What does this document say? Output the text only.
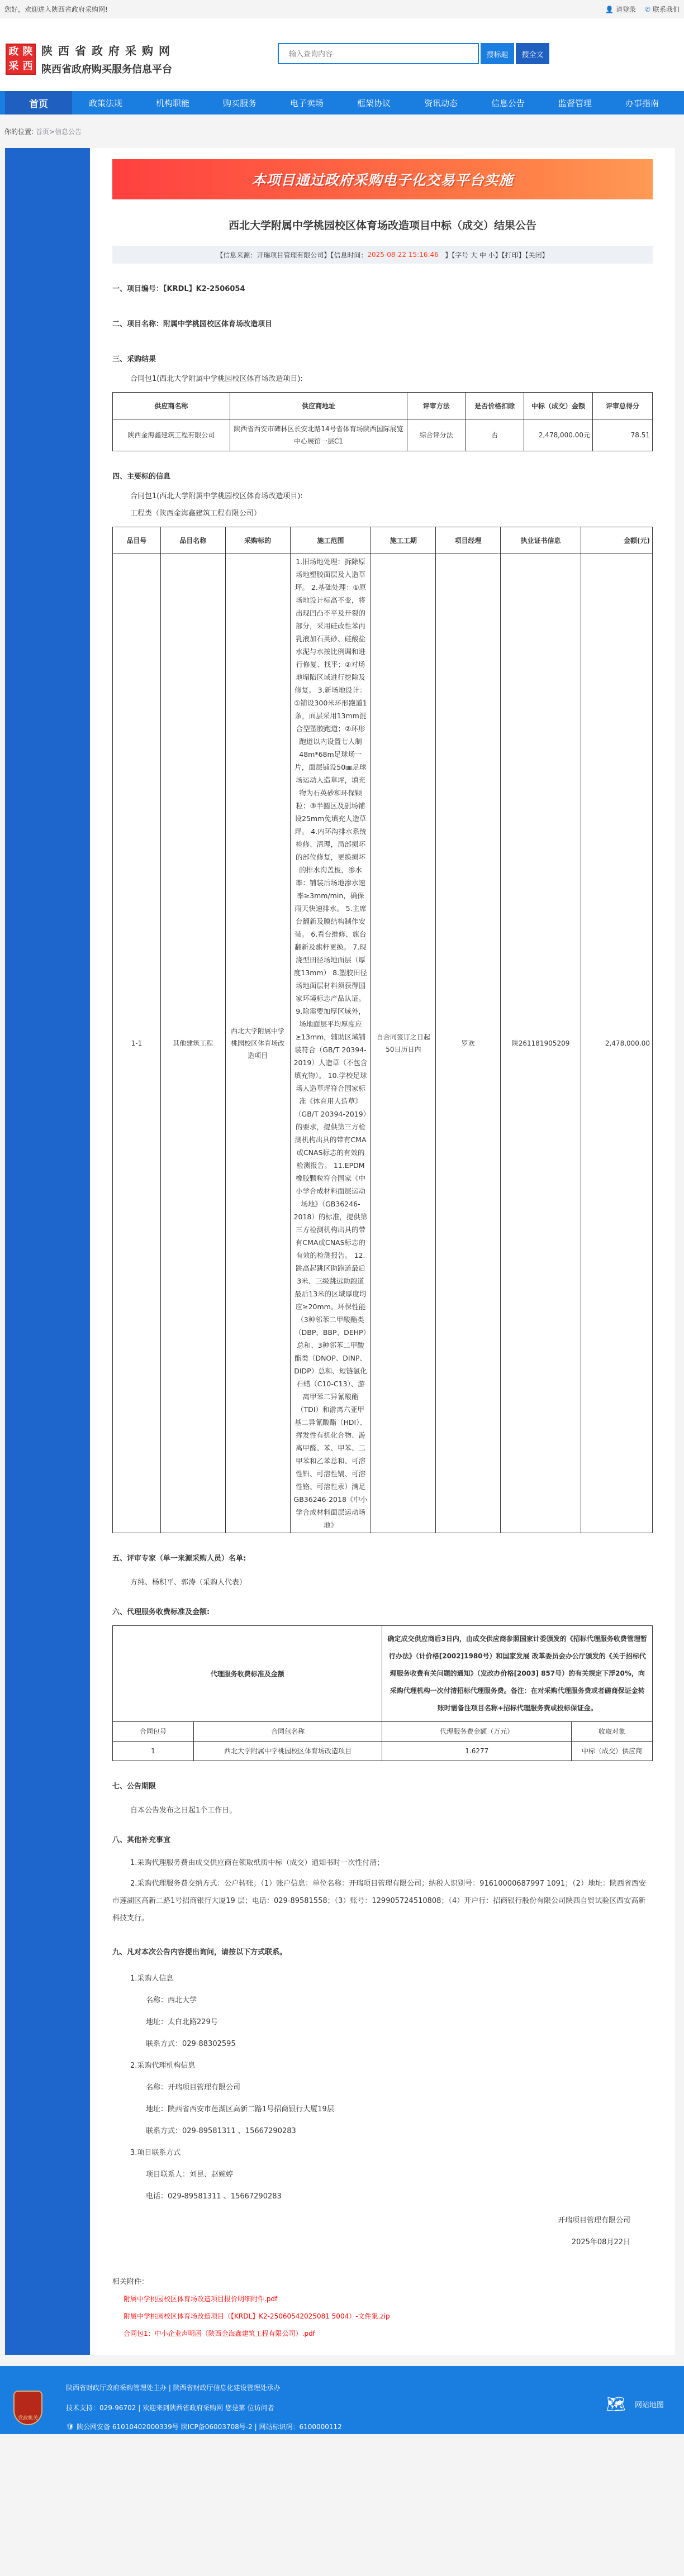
您好，欢迎进入陕西省政府采购网!	👤 请登录 ✆ 联系我们
政 陕
采 西
陕西省政府采购网
陕西省政府购买服务信息平台
输入查询内容
搜标题	搜全文
首页	政策法规	机构职能	购买服务	电子卖场	框架协议	资讯动态	信息公告	监督管理	办事指南
你的位置:
首页 >信息公告
本项目通过政府采购电子化交易平台实施
西北大学附属中学桃园校区体育场改造项目中标（成交）结果公告
【信息来源：开瑞项目管理有限公司】【信息时间： 2025-08-22 15:16:46
】【字号 大 中 小】【打印】【关闭】
一、项目编号：【KRDL】K2-2506054
二、项目名称：附属中学桃园校区体育场改造项目
三、采购结果
合同包1(西北大学附属中学桃园校区体育场改造项目):
供应商名称	供应商地址	评审方法	是否价格扣除	中标（成交）金额	评审总得分
陕西金海鑫建筑工程有限公司	陕西省西安市碑林区长安北路14号省体育场陕西国际展览中心展馆一层C1	综合评分法	否	2,478,000.00元	78.51
四、主要标的信息
合同包1(西北大学附属中学桃园校区体育场改造项目):
工程类（陕西金海鑫建筑工程有限公司）
品目号	品目名称	采购标的	施工范围	施工工期	项目经理	执业证书信息	金额(元)
1-1	其他建筑工程	西北大学附属中学桃园校区体育场改造项目	1.旧场地处理：拆除原场地塑胶面层及人造草坪。 2.基础处理：①原场地设计标高不变，将出现凹凸不平及开裂的部分，采用硅改性苯丙乳液加石英砂、硅酸盐水泥与水按比例调和进行修复、找平；②对场地塌陷区域进行挖除及修复。 3.新场地设计：①铺设300米环形跑道1条，面层采用13mm混合型塑胶跑道；②环形跑道以内设置七人制48m*68m足球场一片，面层铺设50㎜足球场运动人造草坪，填充物为石英砂和环保颗粒；③半圆区及副场铺设25mm免填充人造草坪。 4.内环沟排水系统检修、清理，局部损坏的部位修复，更换损坏的排水沟盖板，渗水率：铺装后场地渗水速率≥3mm/min，确保雨天快速排水。 5.主席台翻新及膜结构制作安装。 6.看台维修、旗台翻新及旗杆更换。 7.现浇型田径场地面层（厚度13mm） 8.塑胶田径场地面层材料须获得国家环境标志产品认证。 9.除需要加厚区域外，场地面层平均厚度应≥13mm，辅助区域铺装符合（GB/T 20394-2019）人造草（不包含填充物）。 10.学校足球场人造草坪符合国家标准《体育用人造草》（GB/T 20394-2019）的要求，提供第三方检测机构出具的带有CMA或CNAS标志的有效的检测报告。 11.EPDM橡胶颗粒符合国家《中小学合成材料面层运动场地》（GB36246-2018）的标准，提供第三方检测机构出具的带有CMA或CNAS标志的有效的检测报告。 12.跳高起跳区助跑道最后3米、三级跳远助跑道最后13米的区域厚度均应≥20mm。环保性能（3种邻苯二甲酸酯类（DBP、BBP、DEHP）总和、3种邻苯二甲酸酯类（DNOP、DINP、DIDP）总和、短链氯化石蜡（C10-C13）、游离甲苯二异氰酸酯（TDI）和游离六亚甲基二异氰酸酯（HDI）、挥发性有机化合物、游离甲醛、苯、甲苯、二甲苯和乙苯总和、可溶性铅、可溶性镉、可溶性铬、可溶性汞）满足GB36246-2018《中小学合成材料面层运动场地》	自合同签订之日起50日历日内	罗欢	陕261181905209	2,478,000.00
五、评审专家（单一来源采购人员）名单:
方纯、杨积平、郭涛（采购人代表）
六、代理服务收费标准及金额:
代理服务收费标准及金额		确定成交供应商后3日内，由成交供应商参照国家计委颁发的《招标代理服务收费管理暂行办法》（计价格[2002]1980号）和国家发展 改革委员会办公厅颁发的《关于招标代理服务收费有关问题的通知》（发改办价格[2003] 857号）的有关规定下浮20%，向采购代理机构一次付清招标代理服务费。备注：在对采购代理服务费或者磋商保证金转账时需备注项目名称+招标代理服务费或投标保证金。	
合同包号	合同包名称	代理服务费金额（万元）	收取对象
1	西北大学附属中学桃园校区体育场改造项目	1.6277	中标（成交）供应商
七、公告期限
自本公告发布之日起1个工作日。
八、其他补充事宜
1.采购代理服务费由成交供应商在领取纸质中标（成交）通知书时一次性付清；
2.采购代理服务费交纳方式：公户转账；（1）账户信息：单位名称：开瑞项目管理有限公司；纳税人识别号：91610000687997 1091；（2）地址：陕西省西安市莲湖区高新二路1号招商银行大厦19 层；电话：029-89581558；（3）账号：129905724510808；（4）开户行：招商银行股份有限公司陕西自贸试验区西安高新科技支行。
九、凡对本次公告内容提出询问，请按以下方式联系。
1.采购人信息
名称：西北大学
地址：太白北路229号
联系方式：029-88302595
2.采购代理机构信息
名称：开瑞项目管理有限公司
地址：陕西省西安市莲湖区高新二路1号招商银行大厦19层
联系方式：029-89581311 、15667290283
3.项目联系方式
项目联系人：刘昆、赵婉婷
电话：029-89581311 、15667290283
开瑞项目管理有限公司
2025年08月22日
相关附件：
附属中学桃园校区体育场改造项目报价明细附件.pdf
附属中学桃园校区体育场改造项目（【KRDL】K2-25060542025081 5004）-文件集.zip
合同包1：中小企业声明函（陕西金海鑫建筑工程有限公司）.pdf
党政机关
陕西省财政厅政府采购管理处主办 | 陕西省财政厅信息化建设管理处承办
技术支持：029-96702 | 欢迎来到陕西省政府采购网 您是第 位访问者
🛡 陕公网安备 61010402000339号 陕ICP备06003708号-2 | 网站标识码：6100000112
🗺 网站地图
